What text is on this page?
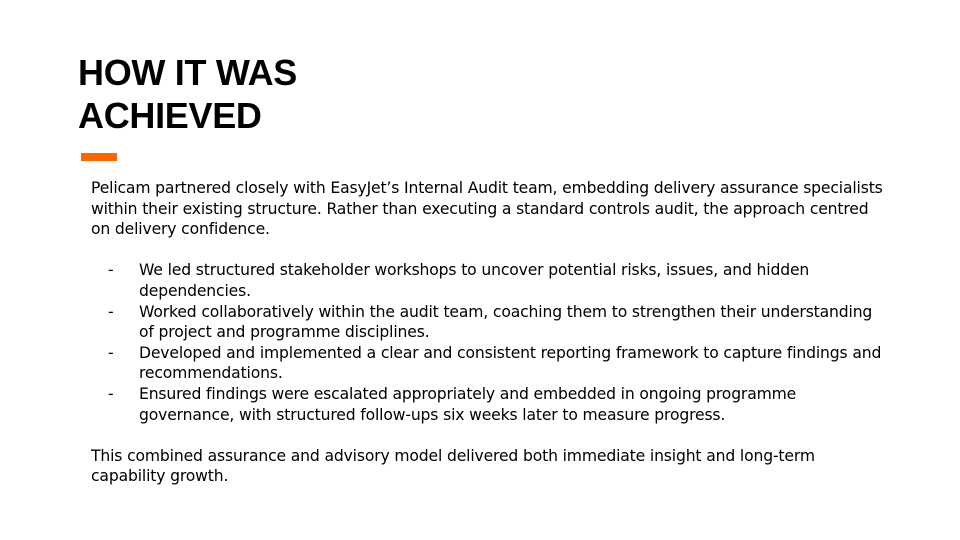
HOW IT WAS
ACHIEVED

Pelicam partnered closely with EasyJet’s Internal Audit team, embedding delivery assurance specialists
within their existing structure. Rather than executing a standard controls audit, the approach centred
on delivery confidence.

- We led structured stakeholder workshops to uncover potential risks, issues, and hidden
dependencies.
- Worked collaboratively within the audit team, coaching them to strengthen their understanding
of project and programme disciplines.
- Developed and implemented a clear and consistent reporting framework to capture findings and
recommendations.
- Ensured findings were escalated appropriately and embedded in ongoing programme
governance, with structured follow-ups six weeks later to measure progress.

This combined assurance and advisory model delivered both immediate insight and long-term
capability growth.
